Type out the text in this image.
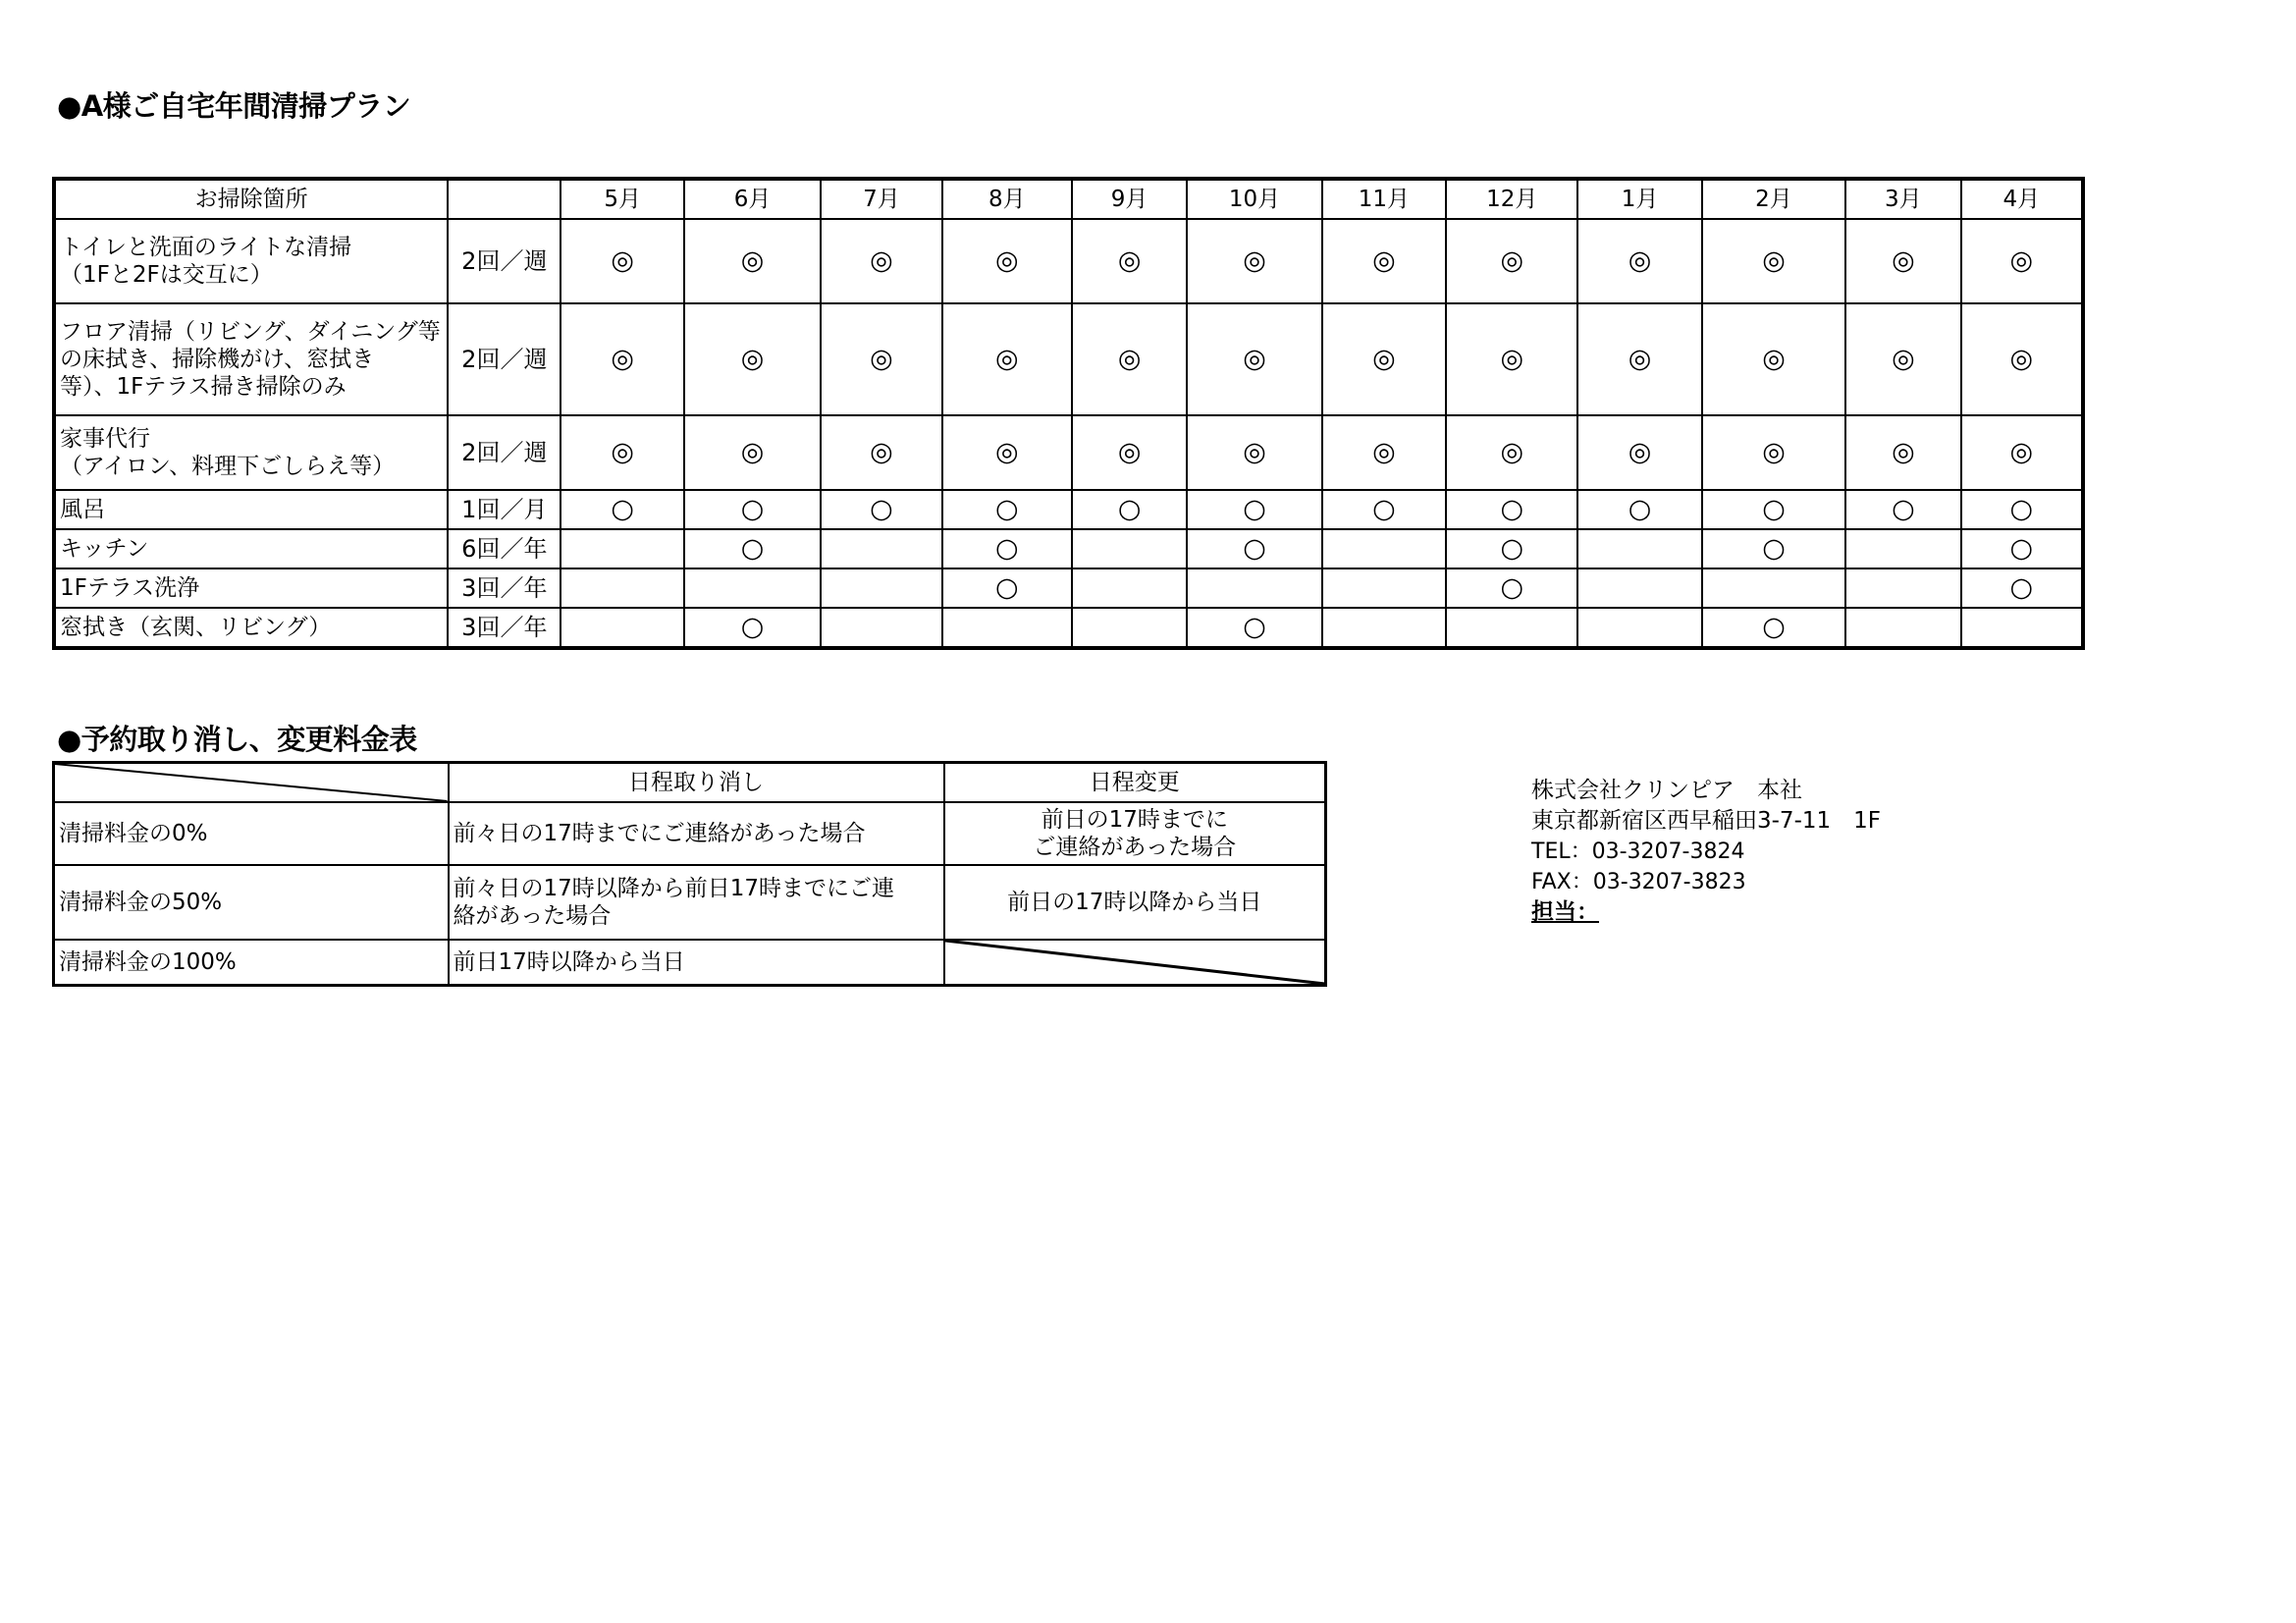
●A様ご自宅年間清掃プラン
お掃除箇所		5月	6月	7月	8月	9月	10月	11月	12月	1月	2月	3月	4月

トイレと洗面のライトな清掃
（1Fと2Fは交互に）	2回／週	◎	◎	◎	◎	◎	◎	◎	◎	◎	◎	◎	◎

フロア清掃（リビング、ダイニング等
の床拭き、掃除機がけ、窓拭き
等）、1Fテラス掃き掃除のみ	2回／週	◎	◎	◎	◎	◎	◎	◎	◎	◎	◎	◎	◎

家事代行
（アイロン、料理下ごしらえ等）	2回／週	◎	◎	◎	◎	◎	◎	◎	◎	◎	◎	◎	◎
風呂	1回／月	○	○	○	○	○	○	○	○	○	○	○	○
キッチン	6回／年		○		○		○		○		○		○
1Fテラス洗浄	3回／年				○				○				○
窓拭き（玄関、リビング）	3回／年		○				○				○		
●予約取り消し、変更料金表
	日程取り消し	日程変更
清掃料金の0%	前々日の17時までにご連絡があった場合	前日の17時までに
ご連絡があった場合

清掃料金の50%	前々日の17時以降から前日17時までにご連
絡があった場合	前日の17時以降から当日

清掃料金の100%	前日17時以降から当日

株式会社クリンピア　本社
東京都新宿区西早稲田3-7-11　1F
TEL：03-3207-3824
FAX：03-3207-3823
担当：
